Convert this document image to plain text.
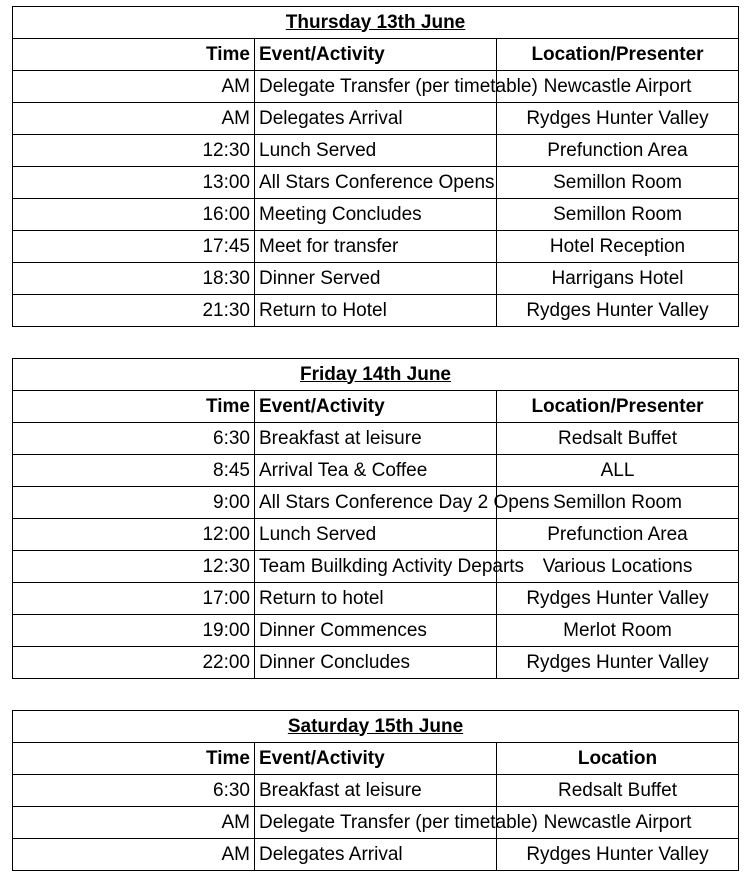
Thursday 13th June		
Time	Event/Activity	Location/Presenter
AM	Delegate Transfer (per timetable)	Newcastle Airport
AM	Delegates Arrival	Rydges Hunter Valley
12:30	Lunch Served	Prefunction Area
13:00	All Stars Conference Opens	Semillon Room
16:00	Meeting Concludes	Semillon Room
17:45	Meet for transfer	Hotel Reception
18:30	Dinner Served	Harrigans Hotel
21:30	Return to Hotel	Rydges Hunter Valley
Friday 14th June		
Time	Event/Activity	Location/Presenter
6:30	Breakfast at leisure	Redsalt Buffet
8:45	Arrival Tea & Coffee	ALL
9:00	All Stars Conference Day 2 Opens	Semillon Room
12:00	Lunch Served	Prefunction Area
12:30	Team Builkding Activity Departs	Various Locations
17:00	Return to hotel	Rydges Hunter Valley
19:00	Dinner Commences	Merlot Room
22:00	Dinner Concludes	Rydges Hunter Valley
Saturday 15th June		
Time	Event/Activity	Location
6:30	Breakfast at leisure	Redsalt Buffet
AM	Delegate Transfer (per timetable)	Newcastle Airport
AM	Delegates Arrival	Rydges Hunter Valley
